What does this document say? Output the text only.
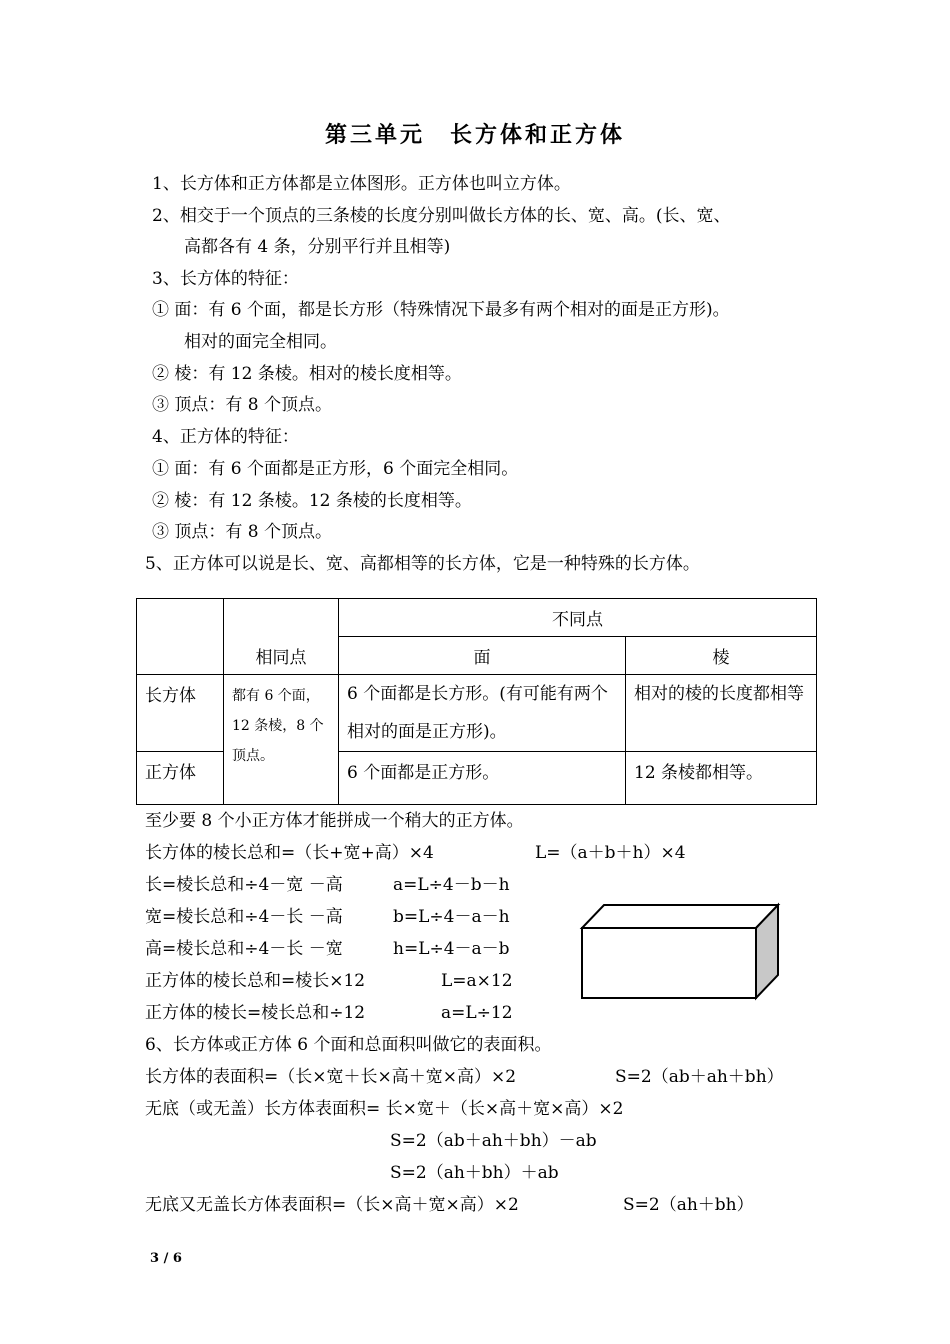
第三单元　长方体和正方体
1、长方体和正方体都是立体图形。正方体也叫立方体。
2、相交于一个顶点的三条棱的长度分别叫做长方体的长、宽、高。(长、宽、
高都各有 4 条，分别平行并且相等)
3、长方体的特征：
① 面：有 6 个面，都是长方形（特殊情况下最多有两个相对的面是正方形)。
相对的面完全相同。
② 棱：有 12 条棱。相对的棱长度相等。
③ 顶点：有 8 个顶点。
4、正方体的特征：
① 面：有 6 个面都是正方形，6 个面完全相同。
② 棱：有 12 条棱。12 条棱的长度相等。
③ 顶点：有 8 个顶点。
5、正方体可以说是长、宽、高都相等的长方体，它是一种特殊的长方体。
	相同点	不同点	
		面	棱
长方体	都有 6 个面，12 条棱，8 个顶点。	6 个面都是长方形。(有可能有两个相对的面是正方形)。	相对的棱的长度都相等
正方体		6 个面都是正方形。	12 条棱都相等。
至少要 8 个小正方体才能拼成一个稍大的正方体。
长方体的棱长总和=（长+宽+高）×4	L=（a＋b＋h）×4
长=棱长总和÷4－宽 －高	a=L÷4－b－h
宽=棱长总和÷4－长 －高	b=L÷4－a－h
高=棱长总和÷4－长 －宽	h=L÷4－a－b
正方体的棱长总和=棱长×12	L=a×12
正方体的棱长=棱长总和÷12	a=L÷12
6、长方体或正方体 6 个面和总面积叫做它的表面积。
长方体的表面积=（长×宽＋长×高＋宽×高）×2	S=2（ab＋ah＋bh）
无底（或无盖）长方体表面积= 长×宽＋（长×高＋宽×高）×2
S=2（ab＋ah＋bh）－ab
S=2（ah＋bh）＋ab
无底又无盖长方体表面积=（长×高＋宽×高）×2	S=2（ah＋bh）
3 / 6
